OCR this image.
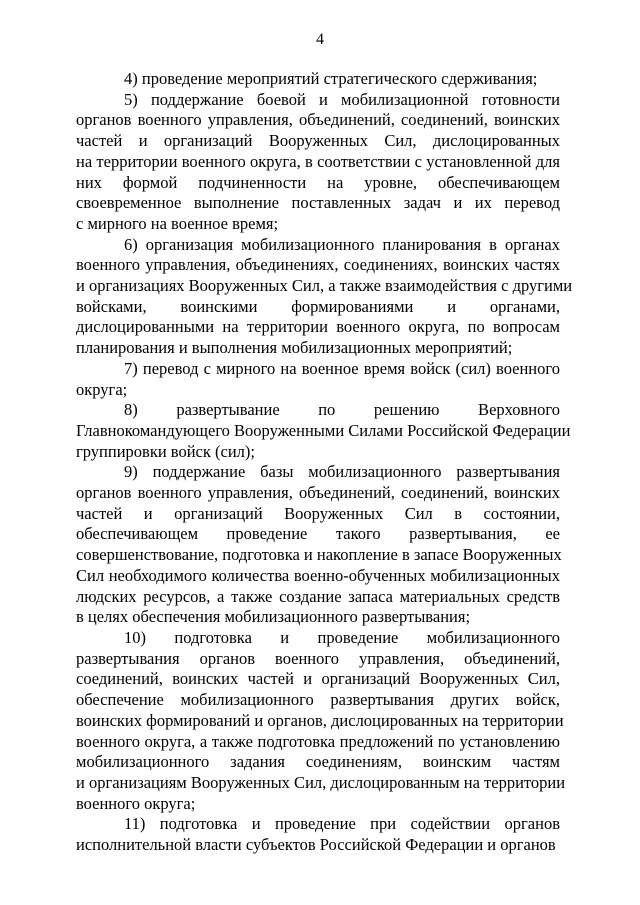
4
4) проведение мероприятий стратегического сдерживания;
5) поддержание боевой и мобилизационной готовности
органов военного управления, объединений, соединений, воинских
частей и организаций Вооруженных Сил, дислоцированных
на территории военного округа, в соответствии с установленной для
них формой подчиненности на уровне, обеспечивающем
своевременное выполнение поставленных задач и их перевод
с мирного на военное время;
6) организация мобилизационного планирования в органах
военного управления, объединениях, соединениях, воинских частях
и организациях Вооруженных Сил, а также взаимодействия с другими
войсками, воинскими формированиями и органами,
дислоцированными на территории военного округа, по вопросам
планирования и выполнения мобилизационных мероприятий;
7) перевод с мирного на военное время войск (сил) военного
округа;
8) развертывание по решению Верховного
Главнокомандующего Вооруженными Силами Российской Федерации
группировки войск (сил);
9) поддержание базы мобилизационного развертывания
органов военного управления, объединений, соединений, воинских
частей и организаций Вооруженных Сил в состоянии,
обеспечивающем проведение такого развертывания, ее
совершенствование, подготовка и накопление в запасе Вооруженных
Сил необходимого количества военно-обученных мобилизационных
людских ресурсов, а также создание запаса материальных средств
в целях обеспечения мобилизационного развертывания;
10) подготовка и проведение мобилизационного
развертывания органов военного управления, объединений,
соединений, воинских частей и организаций Вооруженных Сил,
обеспечение мобилизационного развертывания других войск,
воинских формирований и органов, дислоцированных на территории
военного округа, а также подготовка предложений по установлению
мобилизационного задания соединениям, воинским частям
и организациям Вооруженных Сил, дислоцированным на территории
военного округа;
11) подготовка и проведение при содействии органов
исполнительной власти субъектов Российской Федерации и органов
